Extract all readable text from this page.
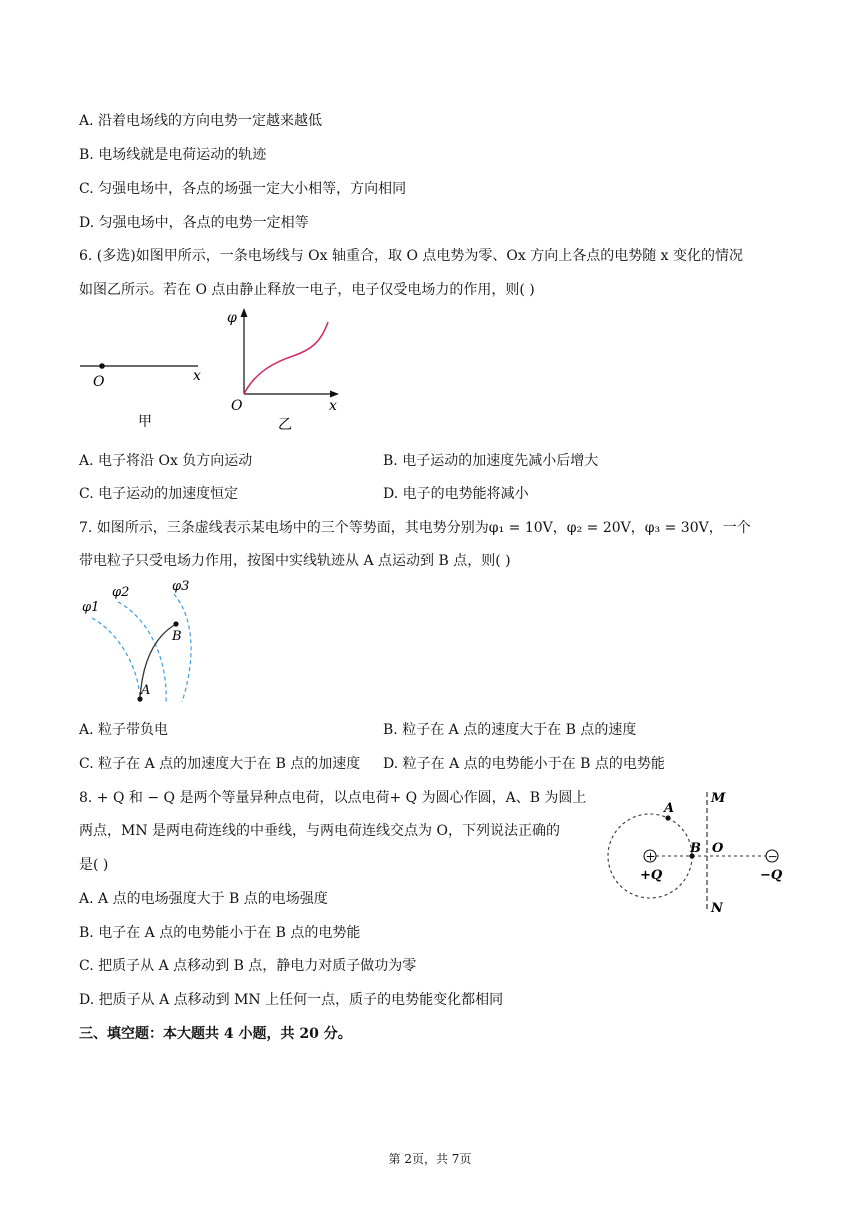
A. 沿着电场线的方向电势一定越来越低
B. 电场线就是电荷运动的轨迹
C. 匀强电场中，各点的场强一定大小相等，方向相同
D. 匀强电场中，各点的电势一定相等
6. (多选)如图甲所示，一条电场线与 Ox 轴重合，取 O 点电势为零、Ox 方向上各点的电势随 x 变化的情况
如图乙所示。若在 O 点由静止释放一电子，电子仅受电场力的作用，则( )
O	x
甲
φ
O	x
乙
A. 电子将沿 Ox 负方向运动	B. 电子运动的加速度先减小后增大
C. 电子运动的加速度恒定	D. 电子的电势能将减小
7. 如图所示，三条虚线表示某电场中的三个等势面，其电势分别为φ₁ = 10V，φ₂ = 20V，φ₃ = 30V，一个
带电粒子只受电场力作用，按图中实线轨迹从 A 点运动到 B 点，则( )
φ1
φ2	φ3
A
B
A. 粒子带负电	B. 粒子在 A 点的速度大于在 B 点的速度
C. 粒子在 A 点的加速度大于在 B 点的加速度 D. 粒子在 A 点的电势能小于在 B 点的电势能
8. + Q 和 − Q 是两个等量异种点电荷，以点电荷+ Q 为圆心作圆，A、B 为圆上
两点，MN 是两电荷连线的中垂线，与两电荷连线交点为 O，下列说法正确的
是( )
+	−
M
N
O
A
B
+Q	−Q
A. A 点的电场强度大于 B 点的电场强度
B. 电子在 A 点的电势能小于在 B 点的电势能
C. 把质子从 A 点移动到 B 点，静电力对质子做功为零
D. 把质子从 A 点移动到 MN 上任何一点，质子的电势能变化都相同
三、填空题：本大题共 4 小题，共 20 分。
第 2页，共 7页
